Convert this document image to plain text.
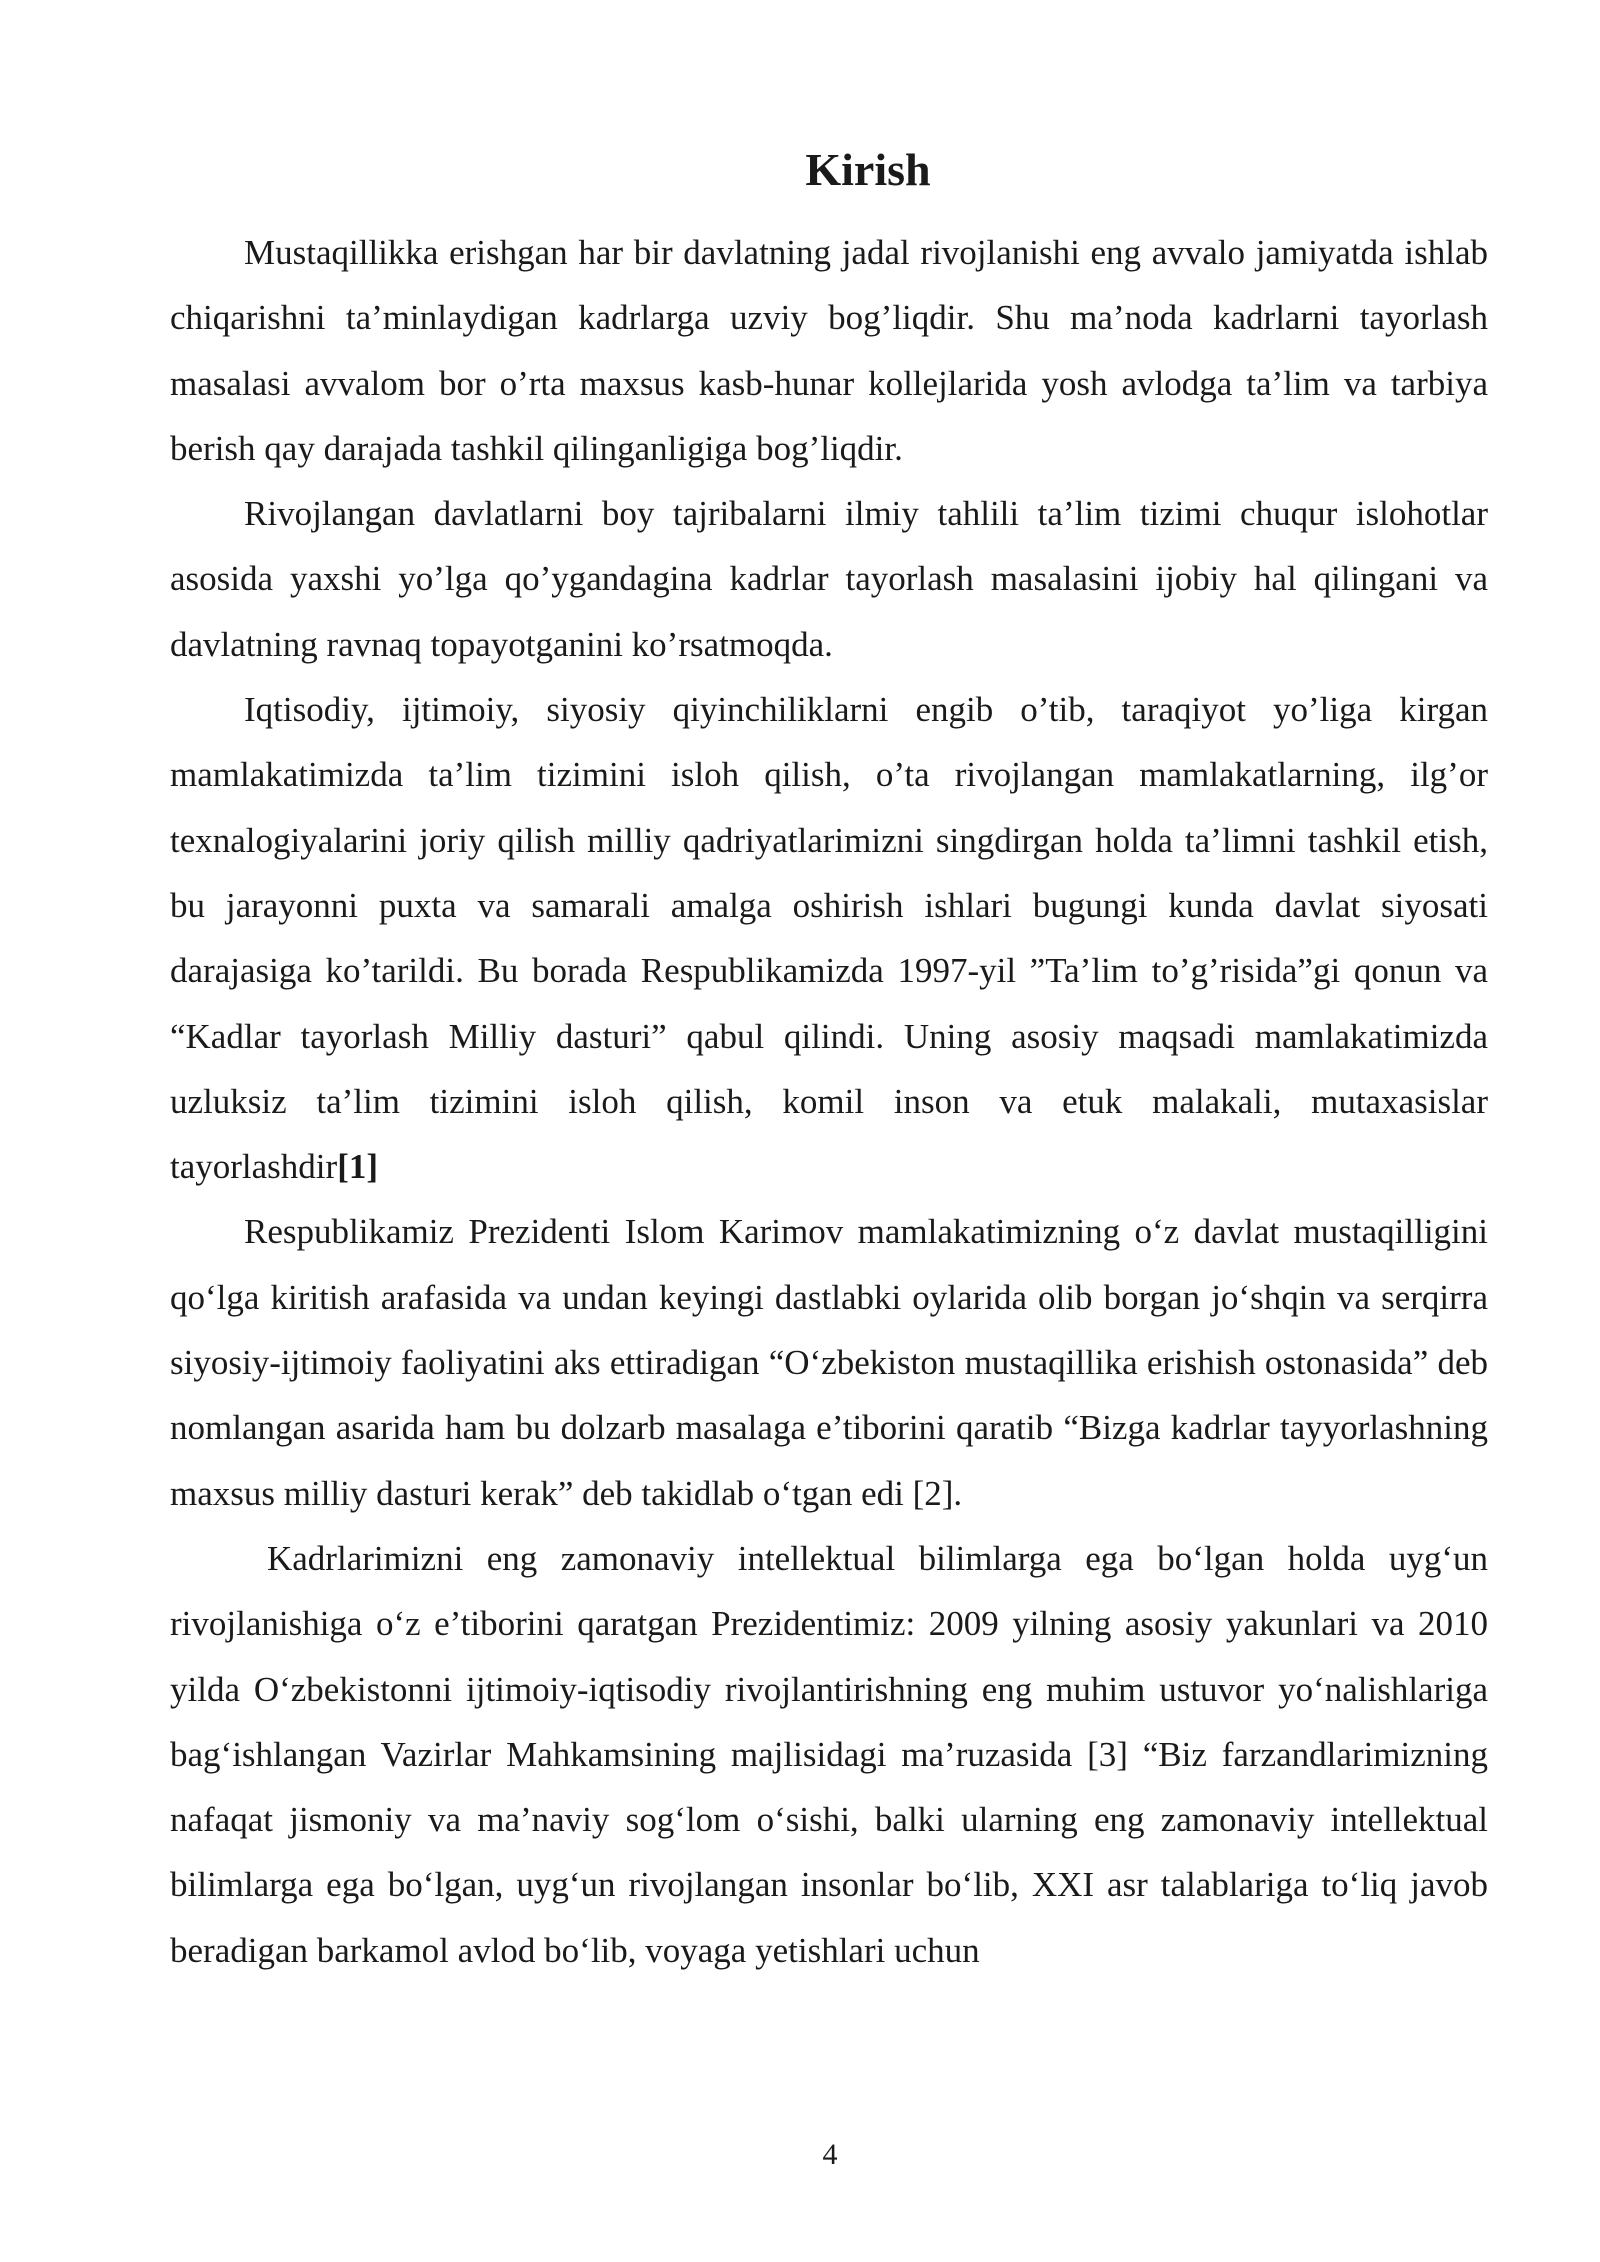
Kirish

Mustaqillikka erishgan har bir davlatning jadal rivojlanishi eng avvalo jamiyatda ishlab chiqarishni ta’minlaydigan kadrlarga uzviy bog’liqdir. Shu ma’noda kadrlarni tayorlash masalasi avvalom bor o’rta maxsus kasb-hunar kollejlarida yosh avlodga ta’lim va tarbiya berish qay darajada tashkil qilinganligiga bog’liqdir.

Rivojlangan davlatlarni boy tajribalarni ilmiy tahlili ta’lim tizimi chuqur islohotlar asosida yaxshi yo’lga qo’ygandagina kadrlar tayorlash masalasini ijobiy hal qilingani va davlatning ravnaq topayotganini ko’rsatmoqda.

Iqtisodiy, ijtimoiy, siyosiy qiyinchiliklarni engib o’tib, taraqiyot yo’liga kirgan mamlakatimizda ta’lim tizimini isloh qilish, o’ta rivojlangan mamlakatlarning, ilg’or texnalogiyalarini joriy qilish milliy qadriyatlarimizni singdirgan holda ta’limni tashkil etish, bu jarayonni puxta va samarali amalga oshirish ishlari bugungi kunda davlat siyosati darajasiga ko’tarildi. Bu borada Respublikamizda 1997-yil ”Ta’lim to’g’risida”gi qonun va “Kadlar tayorlash Milliy dasturi” qabul qilindi. Uning asosiy maqsadi mamlakatimizda uzluksiz ta’lim tizimini isloh qilish, komil inson va etuk malakali, mutaxasislar tayorlashdir[1]

Respublikamiz Prezidenti Islom Karimov mamlakatimizning o‘z davlat mustaqilligini qo‘lga kiritish arafasida va undan keyingi dastlabki oylarida olib borgan jo‘shqin va serqirra siyosiy-ijtimoiy faoliyatini aks ettiradigan “O‘zbekiston mustaqillika erishish ostonasida” deb nomlangan asarida ham bu dolzarb masalaga e’tiborini qaratib “Bizga kadrlar tayyorlashning maxsus milliy dasturi kerak” deb takidlab o‘tgan edi [2].

Kadrlarimizni eng zamonaviy intellektual bilimlarga ega bo‘lgan holda uyg‘un rivojlanishiga o‘z e’tiborini qaratgan Prezidentimiz: 2009 yilning asosiy yakunlari va 2010 yilda O‘zbekistonni ijtimoiy-iqtisodiy rivojlantirishning eng muhim ustuvor yo‘nalishlariga bag‘ishlangan Vazirlar Mahkamsining majlisidagi ma’ruzasida [3] “Biz farzandlarimizning nafaqat jismoniy va ma’naviy sog‘lom o‘sishi, balki ularning eng zamonaviy intellektual bilimlarga ega bo‘lgan, uyg‘un rivojlangan insonlar bo‘lib, XXI asr talablariga to‘liq javob beradigan barkamol avlod bo‘lib, voyaga yetishlari uchun

4
